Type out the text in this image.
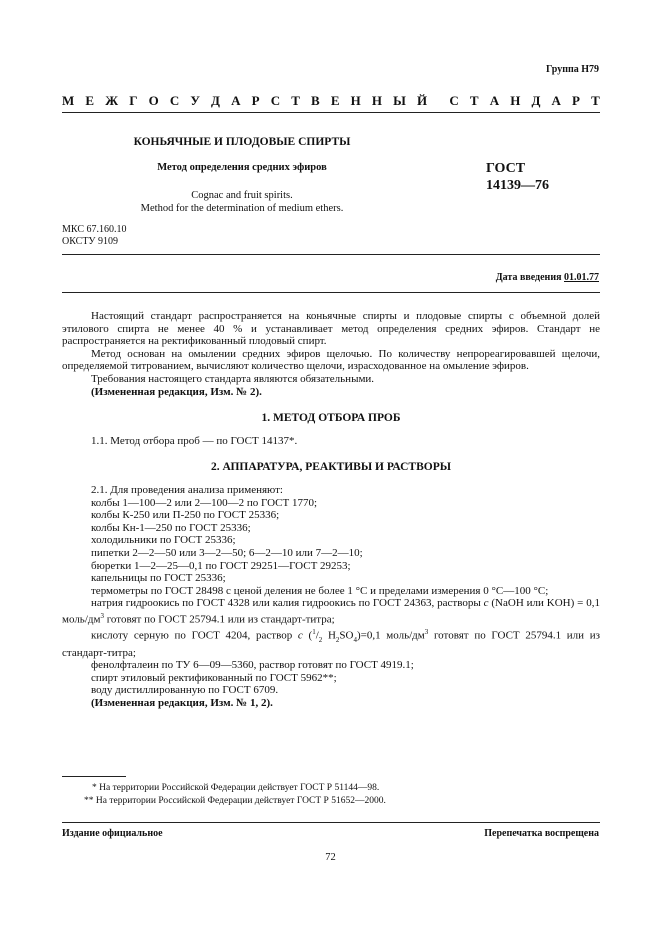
Группа Н79
М Е Ж Г О С У Д А Р С Т В Е Н Н Ы Й С Т А Н Д А Р Т
КОНЬЯЧНЫЕ И ПЛОДОВЫЕ СПИРТЫ
Метод определения средних эфиров
Cognac and fruit spirits.
Method for the determination of medium ethers.
ГОСТ
14139—76
МКС 67.160.10
ОКСТУ 9109
Дата введения 01.01.77
Настоящий стандарт распространяется на коньячные спирты и плодовые спирты с объемной долей этилового спирта не менее 40 % и устанавливает метод определения средних эфиров. Стандарт не распространяется на ректификованный плодовый спирт.
Метод основан на омылении средних эфиров щелочью. По количеству непрореагировавшей щелочи, определяемой титрованием, вычисляют количество щелочи, израсходованное на омыление эфиров.
Требования настоящего стандарта являются обязательными.
(Измененная редакция, Изм. № 2).
1. МЕТОД ОТБОРА ПРОБ
1.1. Метод отбора проб — по ГОСТ 14137*.
2. АППАРАТУРА, РЕАКТИВЫ И РАСТВОРЫ
2.1. Для проведения анализа применяют:
колбы 1—100—2 или 2—100—2 по ГОСТ 1770;
колбы К-250 или П-250 по ГОСТ 25336;
колбы Кн-1—250 по ГОСТ 25336;
холодильники по ГОСТ 25336;
пипетки 2—2—50 или 3—2—50; 6—2—10 или 7—2—10;
бюретки 1—2—25—0,1 по ГОСТ 29251—ГОСТ 29253;
капельницы по ГОСТ 25336;
термометры по ГОСТ 28498 с ценой деления не более 1 °С и пределами измерения 0 °С—100 °С;
натрия гидроокись по ГОСТ 4328 или калия гидроокись по ГОСТ 24363, растворы с (NaOH или KOH) = 0,1 моль/$дм^3$ готовят по ГОСТ 25794.1 или из стандарт-титра;
кислоту серную по ГОСТ 4204, раствор с ($^1/_2$ $H_2SO_4)=0,1$ моль/$дм^3$ готовят по ГОСТ 25794.1 или из стандарт-титра;
фенолфталеин по ТУ 6—09—5360, раствор готовят по ГОСТ 4919.1;
спирт этиловый ректификованный по ГОСТ 5962**;
воду дистиллированную по ГОСТ 6709.
(Измененная редакция, Изм. № 1, 2).
* На территории Российской Федерации действует ГОСТ Р 51144—98.
** На территории Российской Федерации действует ГОСТ Р 51652—2000.
Издание официальное	Перепечатка воспрещена
72
